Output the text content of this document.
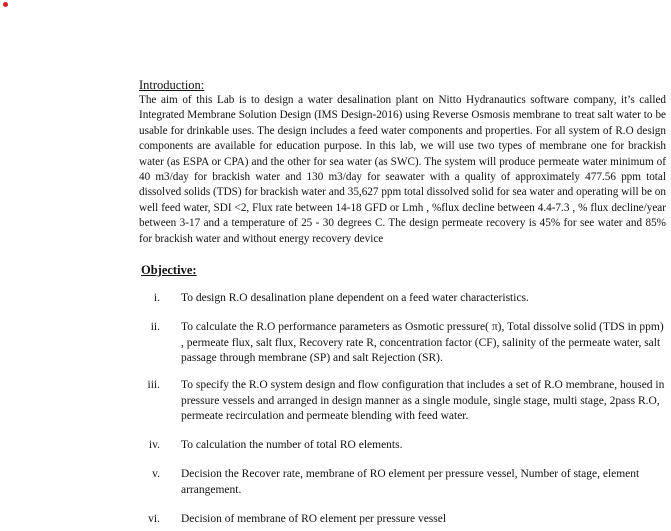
Introduction:
The aim of this Lab is to design a water desalination plant on Nitto Hydranautics software company, it’s called Integrated Membrane Solution Design (IMS Design-2016) using Reverse Osmosis membrane to treat salt water to be usable for drinkable uses. The design includes a feed water components and properties. For all system of R.O design components are available for education purpose. In this lab, we will use two types of membrane one for brackish water (as ESPA or CPA) and the other for sea water (as SWC). The system will produce permeate water minimum of 40 m3/day for brackish water and 130 m3/day for seawater with a quality of approximately 477.56 ppm total dissolved solids (TDS) for brackish water and 35,627 ppm total dissolved solid for sea water and operating will be on well feed water, SDI <2, Flux rate between 14-18 GFD or Lmh , %flux decline between 4.4-7.3 , % flux decline/year between 3-17 and a temperature of 25 - 30 degrees C. The design permeate recovery is 45% for see water and 85% for brackish water and without energy recovery device
Objective:
i. To design R.O desalination plane dependent on a feed water characteristics.
ii. To calculate the R.O performance parameters as Osmotic pressure( π), Total dissolve solid (TDS in ppm) , permeate flux, salt flux, Recovery rate R, concentration factor (CF), salinity of the permeate water, salt passage through membrane (SP) and salt Rejection (SR).
iii. To specify the R.O system design and flow configuration that includes a set of R.O membrane, housed in pressure vessels and arranged in design manner as a single module, single stage, multi stage, 2pass R.O, permeate recirculation and permeate blending with feed water.
iv. To calculation the number of total RO elements.
v. Decision the Recover rate, membrane of RO element per pressure vessel, Number of stage, element arrangement.
vi. Decision of membrane of RO element per pressure vessel
